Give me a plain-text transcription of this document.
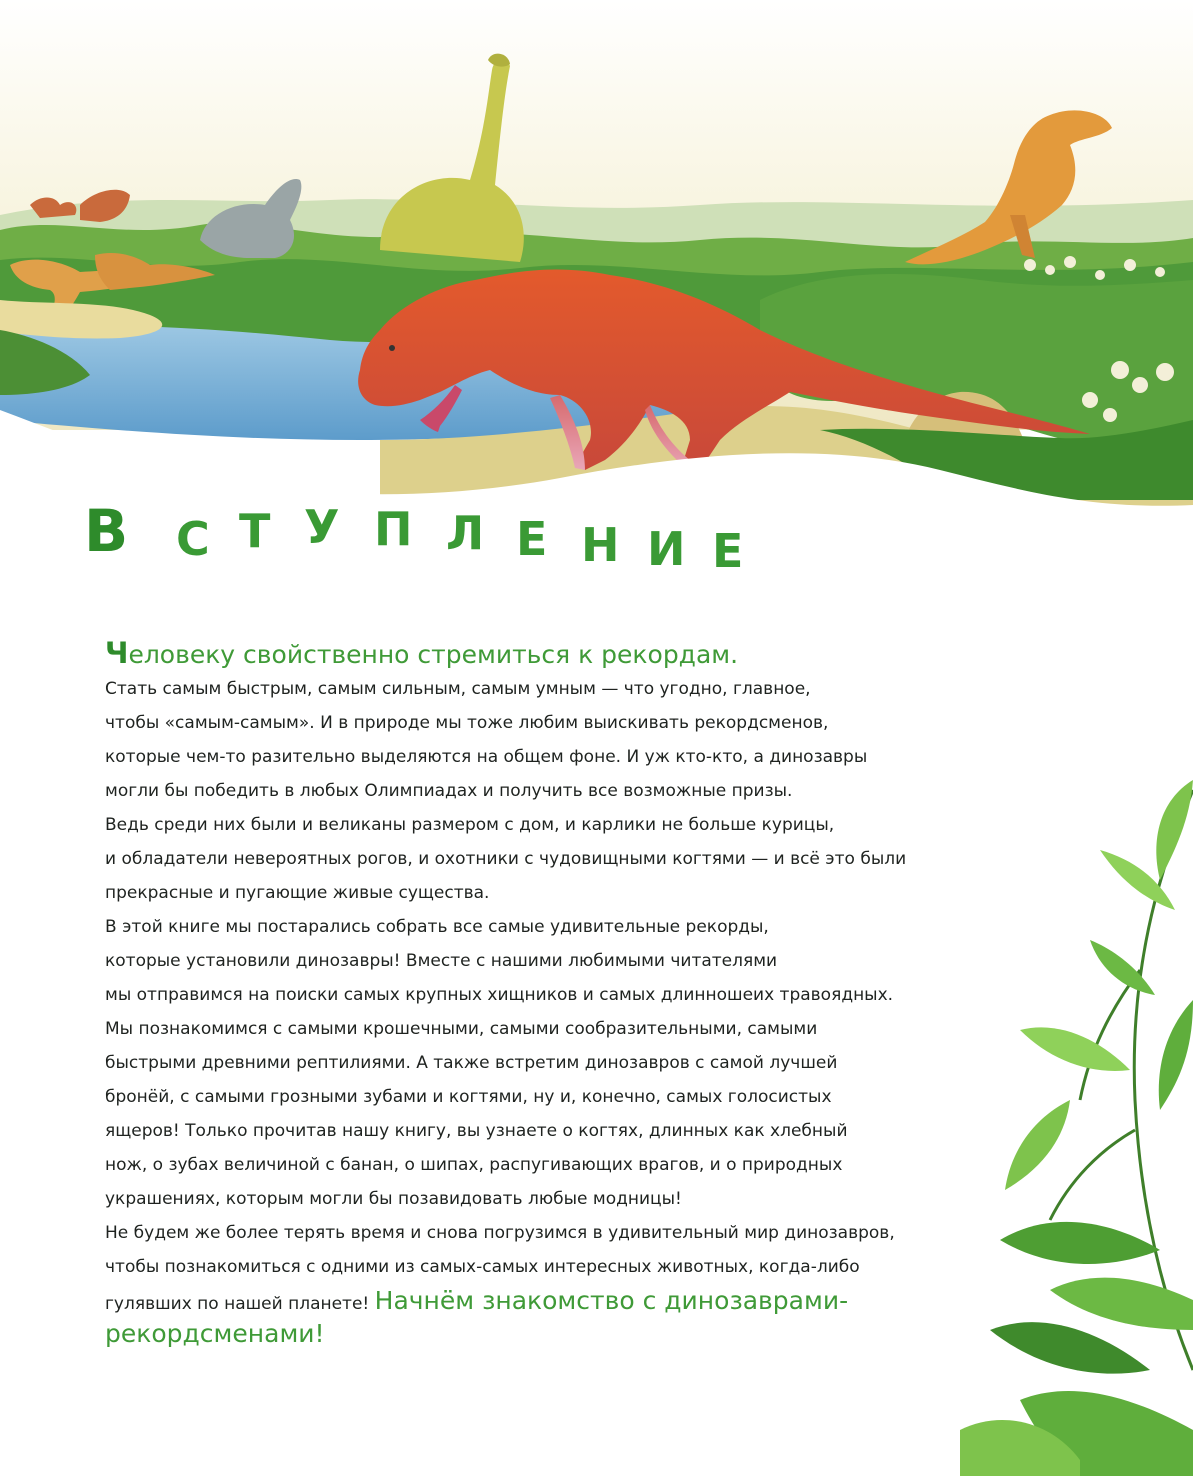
В С Т У П Л Е Н И Е

Человеку свойственно стремиться к рекордам.

Стать самым быстрым, самым сильным, самым умным — что угодно, главное,

чтобы «самым-самым». И в природе мы тоже любим выискивать рекордсменов,

которые чем-то разительно выделяются на общем фоне. И уж кто-кто, а динозавры

могли бы победить в любых Олимпиадах и получить все возможные призы.

Ведь среди них были и великаны размером с дом, и карлики не больше курицы,

и обладатели невероятных рогов, и охотники с чудовищными когтями — и всё это были

прекрасные и пугающие живые существа.

В этой книге мы постарались собрать все самые удивительные рекорды,

которые установили динозавры! Вместе с нашими любимыми читателями

мы отправимся на поиски самых крупных хищников и самых длинношеих травоядных.

Мы познакомимся с самыми крошечными, самыми сообразительными, самыми

быстрыми древними рептилиями. А также встретим динозавров с самой лучшей

бронёй, с самыми грозными зубами и когтями, ну и, конечно, самых голосистых

ящеров! Только прочитав нашу книгу, вы узнаете о когтях, длинных как хлебный

нож, о зубах величиной с банан, о шипах, распугивающих врагов, и о природных

украшениях, которым могли бы позавидовать любые модницы!

Не будем же более терять время и снова погрузимся в удивительный мир динозавров,

чтобы познакомиться с одними из самых-самых интересных животных, когда-либо

гулявших по нашей планете! Начнём знакомство с динозаврами-

рекордсменами!
